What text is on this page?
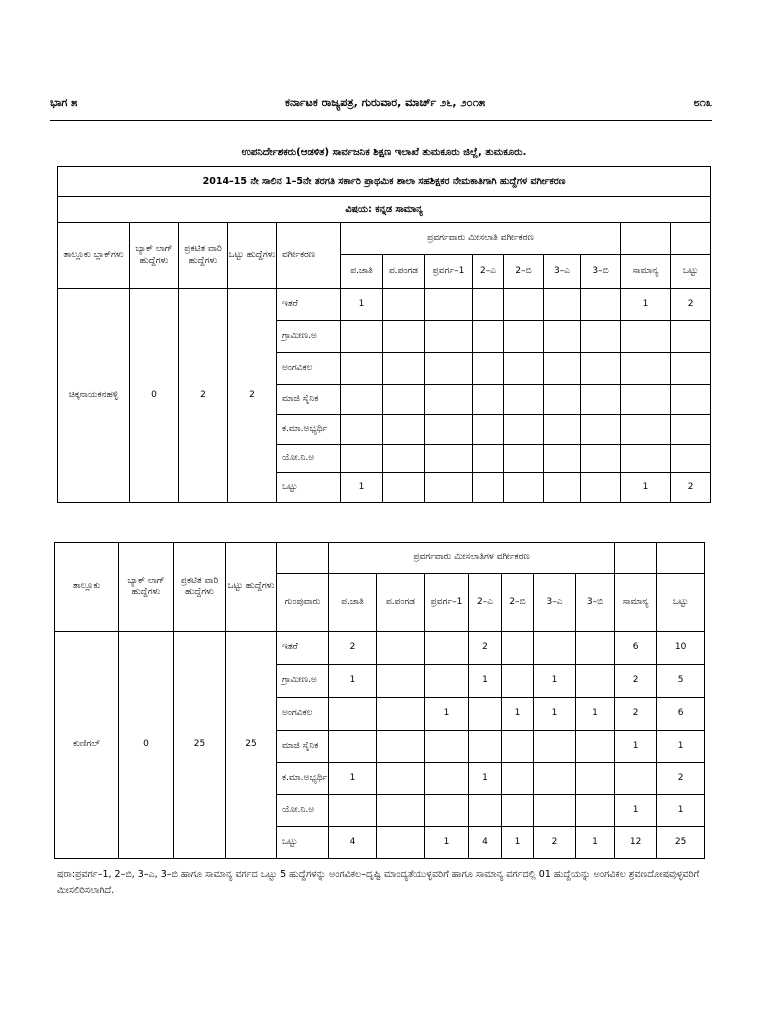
ಭಾಗ ೫	ಕರ್ನಾಟಕ ರಾಜ್ಯಪತ್ರ, ಗುರುವಾರ, ಮಾರ್ಚ್ ೨೬, ೨೦೧೫	೮೧೩
ಉಪನಿರ್ದೇಶಕರು(ಆಡಳಿತ) ಸಾರ್ವಜನಿಕ ಶಿಕ್ಷಣ ಇಲಾಖೆ ತುಮಕೂರು ಜಿಲ್ಲೆ, ತುಮಕೂರು.
2014–15 ನೇ ಸಾಲಿನ 1–5ನೇ ತರಗತಿ ಸರ್ಕಾರಿ ಪ್ರಾಥಮಿಕ ಶಾಲಾ ಸಹಶಿಕ್ಷಕರ ನೇಮಕಾತಿಗಾಗಿ ಹುದ್ದೆಗಳ ವರ್ಗೀಕರಣ													
ವಿಷಯ: ಕನ್ನಡ ಸಾಮಾನ್ಯ													
ತಾಲ್ಲೂಕು ಬ್ಲಾಕ್‌ಗಳು	ಬ್ಯಾಕ್ ಲಾಗ್ ಹುದ್ದೆಗಳು	ಪ್ರಕಟಿತ ವಾರಿ ಹುದ್ದೆಗಳು	ಒಟ್ಟು ಹುದ್ದೆಗಳು	ವರ್ಗೀಕರಣ	ಪ್ರವರ್ಗವಾರು ಮೀಸಲಾತಿ ವರ್ಗೀಕರಣ								
					ಪ.ಜಾತಿ	ಪ.ಪಂಗಡ	ಪ್ರವರ್ಗ–1	2–ಎ	2–ಬಿ	3–ಎ	3–ಬಿ	ಸಾಮಾನ್ಯ	ಒಟ್ಟು
ಚಿಕ್ಕನಾಯಕನಹಳ್ಳಿ	0	2	2	ಇತರೆ	1							1	2
				ಗ್ರಾಮೀಣ.ಅ									
				ಅಂಗವಿಕಲ									
				ಮಾಜಿ ಸೈನಿಕ									
				ಕ.ಮಾ.ಅಭ್ಯರ್ಥಿ									
				ಯೋ.ನಿ.ಅ									
				ಒಟ್ಟು	1							1	2
ತಾಲ್ಲೂಕು	ಬ್ಯಾಕ್ ಲಾಗ್ ಹುದ್ದೆಗಳು	ಪ್ರಕಟಿತ ವಾರಿ ಹುದ್ದೆಗಳು	ಒಟ್ಟು ಹುದ್ದೆಗಳು		ಪ್ರವರ್ಗವಾರು ಮೀಸಲಾತಿಗಳ ವರ್ಗೀಕರಣ								
				ಗುಂಪುವಾರು	ಪ.ಜಾತಿ	ಪ.ಪಂಗಡ	ಪ್ರವರ್ಗ–1	2–ಎ	2–ಬಿ	3–ಎ	3–ಬಿ	ಸಾಮಾನ್ಯ	ಒಟ್ಟು
ಕುಣಿಗಲ್	0	25	25	ಇತರೆ	2			2				6	10
				ಗ್ರಾಮೀಣ.ಅ	1			1		1		2	5
				ಅಂಗವಿಕಲ			1		1	1	1	2	6
				ಮಾಜಿ ಸೈನಿಕ								1	1
				ಕ.ಮಾ.ಅಭ್ಯರ್ಥಿ	1			1					2
				ಯೋ.ನಿ.ಅ								1	1
				ಒಟ್ಟು	4		1	4	1	2	1	12	25
ಷರಾ:ಪ್ರವರ್ಗ–1, 2–ಬಿ, 3–ಎ, 3–ಬಿ ಹಾಗೂ ಸಾಮಾನ್ಯ ವರ್ಗದ ಒಟ್ಟು 5 ಹುದ್ದೆಗಳನ್ನು ಅಂಗವಿಕಲ–ದೃಷ್ಟಿ ಮಾಂದ್ಯತೆಯುಳ್ಳವರಿಗೆ ಹಾಗೂ ಸಾಮಾನ್ಯ ವರ್ಗದಲ್ಲಿ 01 ಹುದ್ದೆಯನ್ನು ಅಂಗವಿಕಲ ಶ್ರವಣದೋಷವುಳ್ಳವರಿಗೆ ಮೀಸಲಿರಿಸಲಾಗಿದೆ.
